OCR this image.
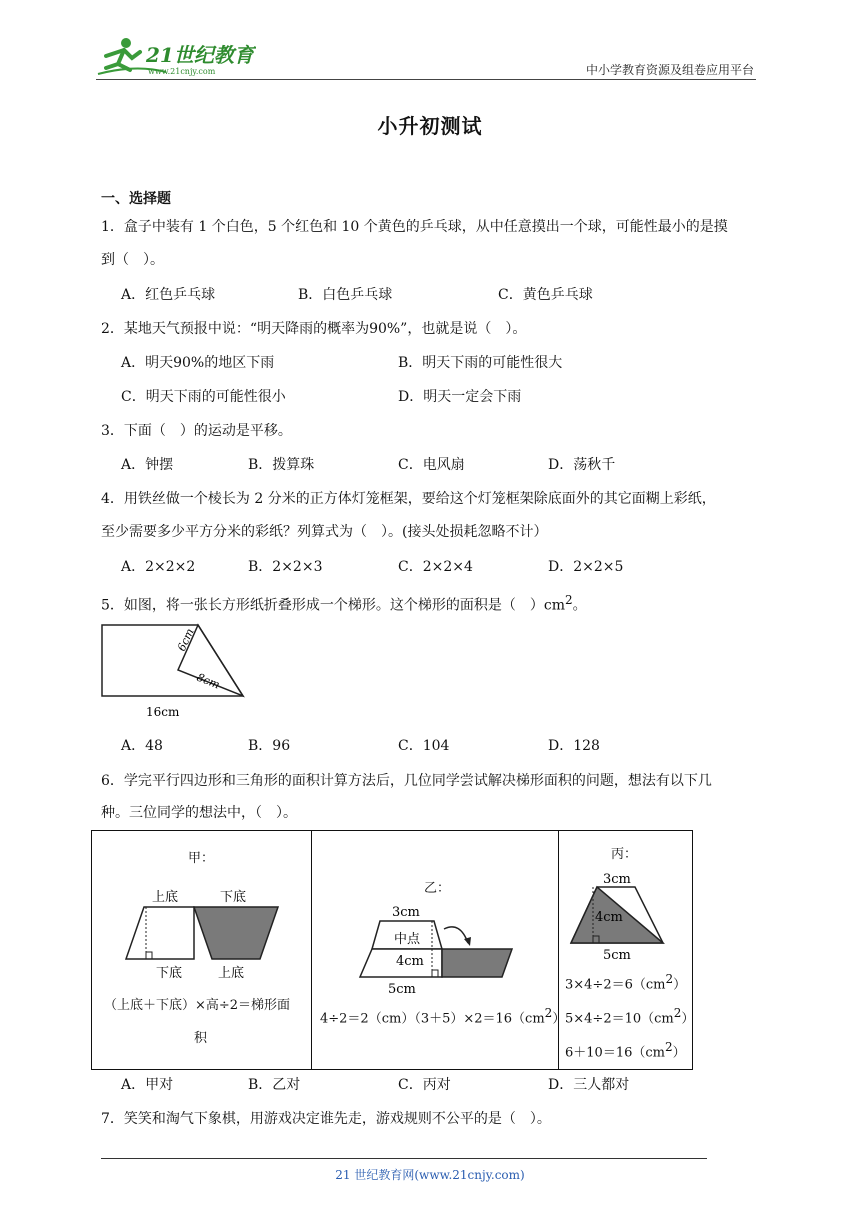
21世纪教育
www.21cnjy.com	中小学教育资源及组卷应用平台
小升初测试
一、选择题
1．盒子中装有 1 个白色，5 个红色和 10 个黄色的乒乓球，从中任意摸出一个球，可能性最小的是摸
到（　）。
A．红色乒乓球	B．白色乒乓球	C．黄色乒乓球
2．某地天气预报中说：“明天降雨的概率为90%”，也就是说（　）。
A．明天90%的地区下雨	B．明天下雨的可能性很大
C．明天下雨的可能性很小	D．明天一定会下雨
3．下面（　）的运动是平移。
A．钟摆	B．拨算珠	C．电风扇	D．荡秋千
4．用铁丝做一个棱长为 2 分米的正方体灯笼框架，要给这个灯笼框架除底面外的其它面糊上彩纸，
至少需要多少平方分米的彩纸？列算式为（　）。(接头处损耗忽略不计）
A．2×2×2	B．2×2×3	C．2×2×4	D．2×2×5
5．如图，将一张长方形纸折叠形成一个梯形。这个梯形的面积是（　）$cm^2$。
6cm
8cm
16cm
A．48	B．96	C．104	D．128
6．学完平行四边形和三角形的面积计算方法后，几位同学尝试解决梯形面积的问题，想法有以下几
种。三位同学的想法中，（　）。
甲：
上底	下底
下底	上底
（上底＋下底）×高÷2＝梯形面
积
乙：
3cm
中点
4cm
5cm
$4\div 2=2(cm)(3+5)\times 2=16(cm^2)$
丙：
3cm
4cm
5cm
$3\times 4\div 2=6(cm^2)$
$5\times 4\div 2=10(cm^2)$
$6+10=16(cm^2)$
A．甲对	B．乙对	C．丙对	D．三人都对
7．笑笑和淘气下象棋，用游戏决定谁先走，游戏规则不公平的是（　）。
21 世纪教育网(www.21cnjy.com)
